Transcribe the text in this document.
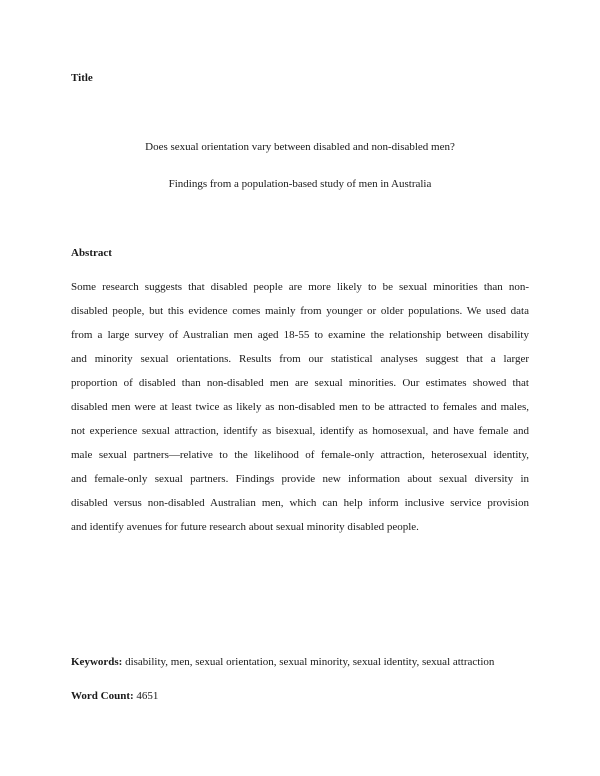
Title
Does sexual orientation vary between disabled and non-disabled men?
Findings from a population-based study of men in Australia
Abstract
Some research suggests that disabled people are more likely to be sexual minorities than non-
disabled people, but this evidence comes mainly from younger or older populations. We used data
from a large survey of Australian men aged 18-55 to examine the relationship between disability
and minority sexual orientations. Results from our statistical analyses suggest that a larger
proportion of disabled than non-disabled men are sexual minorities. Our estimates showed that
disabled men were at least twice as likely as non-disabled men to be attracted to females and males,
not experience sexual attraction, identify as bisexual, identify as homosexual, and have female and
male sexual partners—relative to the likelihood of female-only attraction, heterosexual identity,
and female-only sexual partners. Findings provide new information about sexual diversity in
disabled versus non-disabled Australian men, which can help inform inclusive service provision
and identify avenues for future research about sexual minority disabled people.
Keywords: disability, men, sexual orientation, sexual minority, sexual identity, sexual attraction
Word Count: 4651
